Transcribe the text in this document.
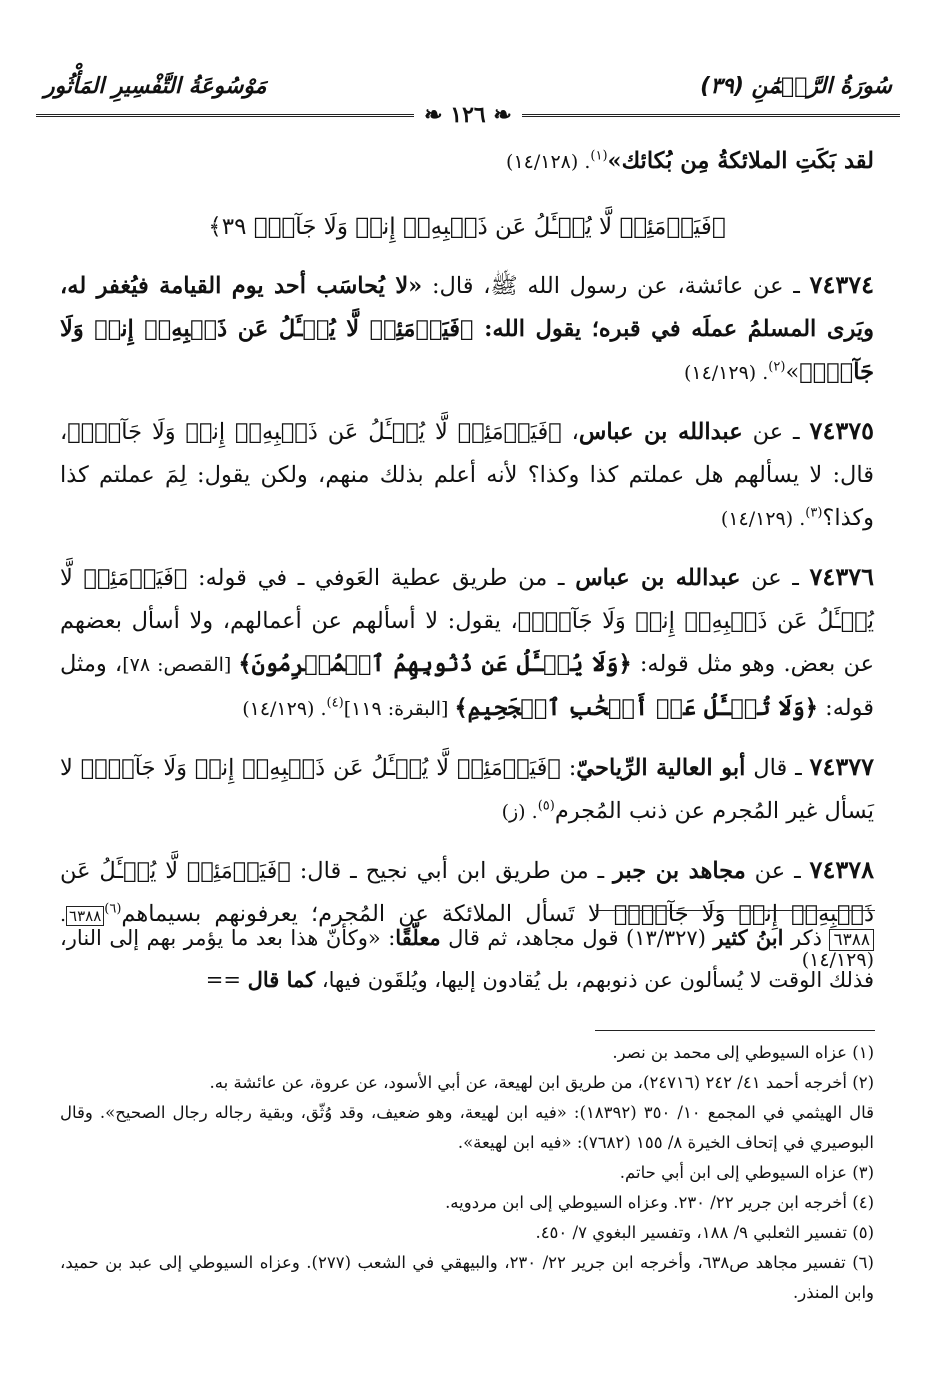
سُورَةُ الرَّحۡمَٰنِ (٣٩)
مَوْسُوعَةُ التَّفْسِيرِ المَأْثُور
❧ ١٢٦ ❧

لقد بَكَتِ الملائكةُ مِن بُكائك»$^{(١)}$. (١٤/١٢٨)

﴿فَيَوۡمَئِذٖ لَّا يُسۡـَٔلُ عَن ذَنۢبِهِۦٓ إِنسٞ وَلَا جَآنّٞ ٣٩﴾

٧٤٣٧٤ ـ عن عائشة، عن رسول الله ﷺ، قال: «لا يُحاسَب أحد يوم القيامة فيُغفر له، ويَرى المسلمُ عملَه في قبره؛ يقول الله: ﴿فَيَوۡمَئِذٖ لَّا يُسۡـَٔلُ عَن ذَنۢبِهِۦٓ إِنسٞ وَلَا جَآنّٞ﴾»$^{(٢)}$. (١٤/١٢٩)

٧٤٣٧٥ ـ عن عبدالله بن عباس، ﴿فَيَوۡمَئِذٖ لَّا يُسۡـَٔلُ عَن ذَنۢبِهِۦٓ إِنسٞ وَلَا جَآنّٞ﴾، قال: لا يسألهم هل عملتم كذا وكذا؟ لأنه أعلم بذلك منهم، ولكن يقول: لِمَ عملتم كذا وكذا؟$^{(٣)}$. (١٤/١٢٩)

٧٤٣٧٦ ـ عن عبدالله بن عباس ـ من طريق عطية العَوفي ـ في قوله: ﴿فَيَوۡمَئِذٖ لَّا يُسۡـَٔلُ عَن ذَنۢبِهِۦٓ إِنسٞ وَلَا جَآنّٞ﴾، يقول: لا أسألهم عن أعمالهم، ولا أسأل بعضهم عن بعض. وهو مثل قوله: ﴿وَلَا يُسۡـَٔلُ عَن ذُنُوبِهِمُ ٱلۡمُجۡرِمُونَ﴾ [القصص: ٧٨]، ومثل قوله: ﴿وَلَا تُسۡـَٔلُ عَنۡ أَصۡحَٰبِ ٱلۡجَحِيمِ﴾ [البقرة: ١١٩]$^{(٤)}$. (١٤/١٢٩)

٧٤٣٧٧ ـ قال أبو العالية الرِّياحيّ: ﴿فَيَوۡمَئِذٖ لَّا يُسۡـَٔلُ عَن ذَنۢبِهِۦٓ إِنسٞ وَلَا جَآنّٞ﴾ لا يَسأل غير المُجرم عن ذنب المُجرم$^{(٥)}$. (ز)

٧٤٣٧٨ ـ عن مجاهد بن جبر ـ من طريق ابن أبي نجيح ـ قال: ﴿فَيَوۡمَئِذٖ لَّا يُسۡـَٔلُ عَن ذَنۢبِهِۦٓ إِنسٞ وَلَا جَآنّٞ﴾ لا تَسأل الملائكة عن المُجرم؛ يعرفونهم بسيماهم$^{(٦)}$٦٣٨٨. (١٤/١٢٩)

٦٣٨٨ ذكر ابنُ كثير (١٣/٣٢٧) قول مجاهد، ثم قال معلّقًا: «وكأنّ هذا بعد ما يؤمر بهم إلى النار، فذلك الوقت لا يُسألون عن ذنوبهم، بل يُقادون إليها، ويُلقَون فيها، كما قال ==
(١) عزاه السيوطي إلى محمد بن نصر.
(٢) أخرجه أحمد ٤١/ ٢٤٢ (٢٤٧١٦)، من طريق ابن لهيعة، عن أبي الأسود، عن عروة، عن عائشة به.
قال الهيثمي في المجمع ١٠/ ٣٥٠ (١٨٣٩٢): «فيه ابن لهيعة، وهو ضعيف، وقد وُثّق، وبقية رجاله رجال الصحيح». وقال البوصيري في إتحاف الخيرة ٨/ ١٥٥ (٧٦٨٢): «فيه ابن لهيعة».
(٣) عزاه السيوطي إلى ابن أبي حاتم.
(٤) أخرجه ابن جرير ٢٢/ ٢٣٠. وعزاه السيوطي إلى ابن مردويه.
(٥) تفسير الثعلبي ٩/ ١٨٨، وتفسير البغوي ٧/ ٤٥٠.
(٦) تفسير مجاهد ص٦٣٨، وأخرجه ابن جرير ٢٢/ ٢٣٠، والبيهقي في الشعب (٢٧٧). وعزاه السيوطي إلى عبد بن حميد، وابن المنذر.
